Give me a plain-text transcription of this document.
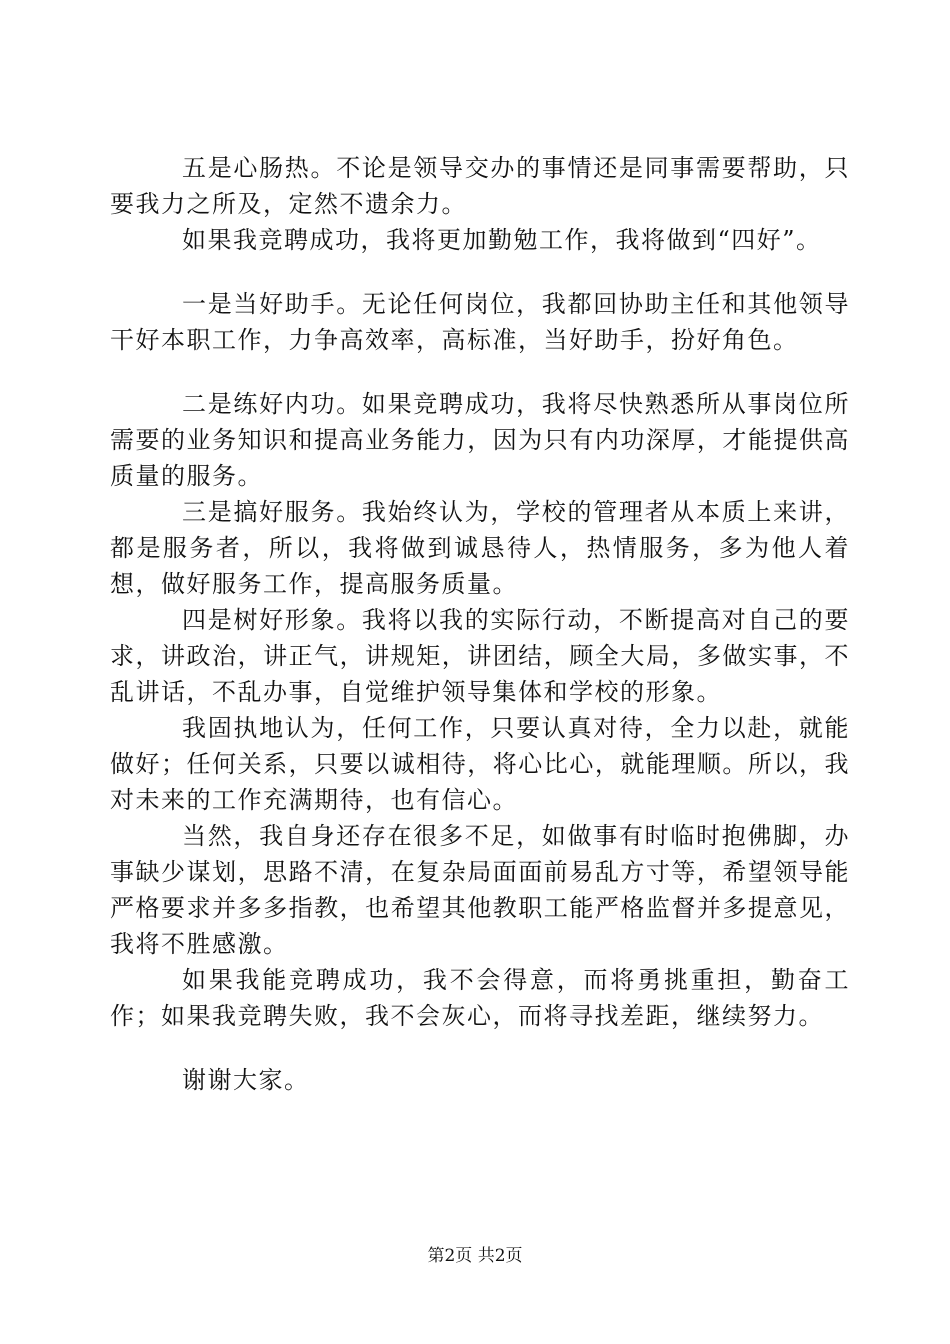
五是心肠热。不论是领导交办的事情还是同事需要帮助，只要我力之所及，定然不遗余力。

如果我竞聘成功，我将更加勤勉工作，我将做到“四好”。

一是当好助手。无论任何岗位，我都回协助主任和其他领导干好本职工作，力争高效率，高标准，当好助手，扮好角色。

二是练好内功。如果竞聘成功，我将尽快熟悉所从事岗位所需要的业务知识和提高业务能力，因为只有内功深厚，才能提供高质量的服务。

三是搞好服务。我始终认为，学校的管理者从本质上来讲，都是服务者，所以，我将做到诚恳待人，热情服务，多为他人着想，做好服务工作，提高服务质量。

四是树好形象。我将以我的实际行动，不断提高对自己的要求，讲政治，讲正气，讲规矩，讲团结，顾全大局，多做实事，不乱讲话，不乱办事，自觉维护领导集体和学校的形象。

我固执地认为，任何工作，只要认真对待，全力以赴，就能做好；任何关系，只要以诚相待，将心比心，就能理顺。所以，我对未来的工作充满期待，也有信心。

当然，我自身还存在很多不足，如做事有时临时抱佛脚，办事缺少谋划，思路不清，在复杂局面面前易乱方寸等，希望领导能严格要求并多多指教，也希望其他教职工能严格监督并多提意见，我将不胜感激。

如果我能竞聘成功，我不会得意，而将勇挑重担，勤奋工作；如果我竞聘失败，我不会灰心，而将寻找差距，继续努力。

谢谢大家。

第2页 共2页
